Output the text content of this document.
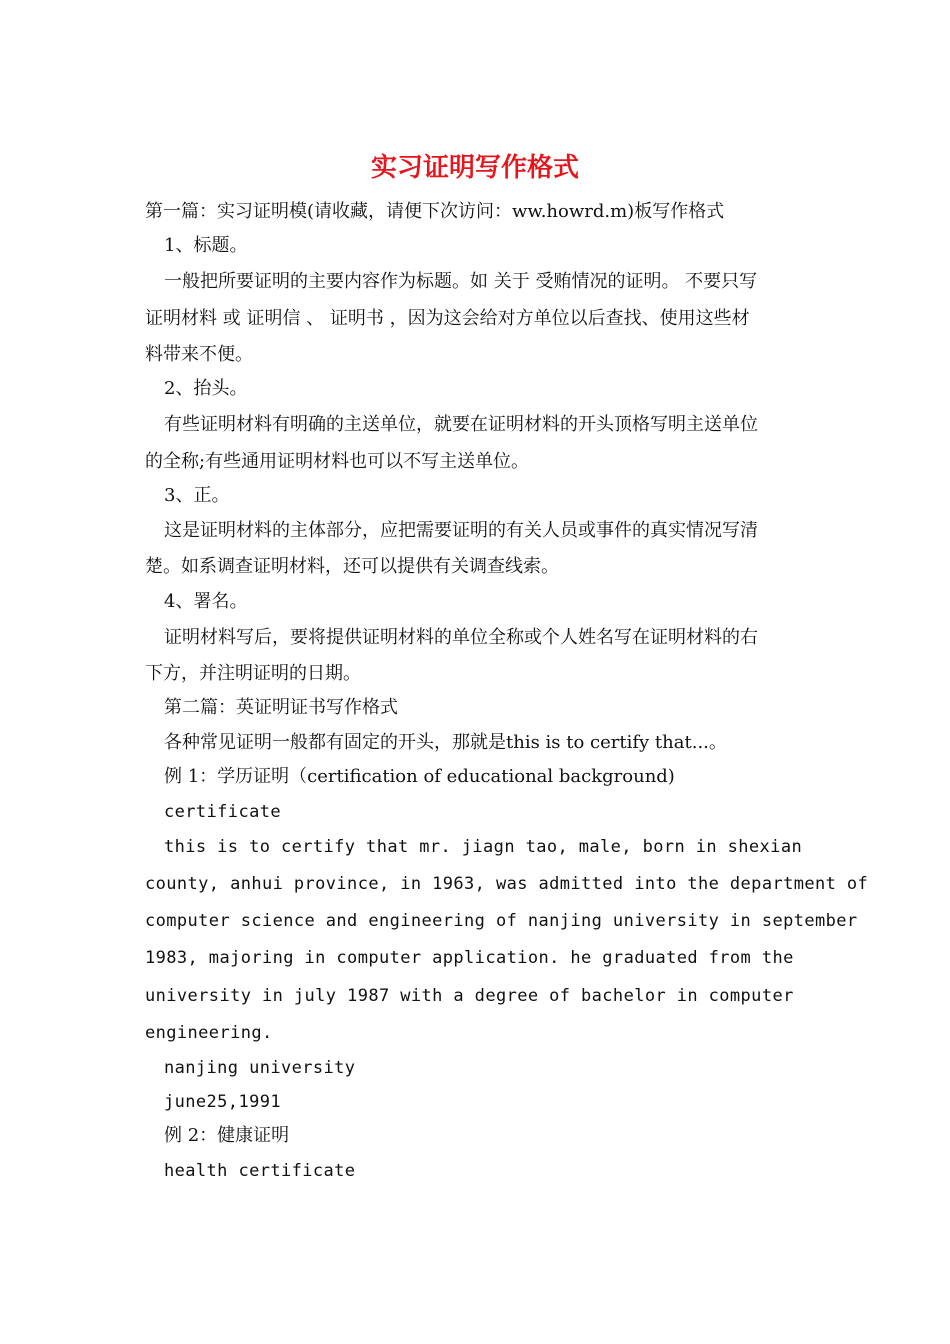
实习证明写作格式
第一篇：实习证明模(请收藏，请便下次访问：ww.howrd.m)板写作格式
1、标题。
一般把所要证明的主要内容作为标题。如 关于 受贿情况的证明。 不要只写
证明材料 或 证明信 、 证明书 ，因为这会给对方单位以后查找、使用这些材
料带来不便。
2、抬头。
有些证明材料有明确的主送单位，就要在证明材料的开头顶格写明主送单位
的全称;有些通用证明材料也可以不写主送单位。
3、正。
这是证明材料的主体部分，应把需要证明的有关人员或事件的真实情况写清
楚。如系调查证明材料，还可以提供有关调查线索。
4、署名。
证明材料写后，要将提供证明材料的单位全称或个人姓名写在证明材料的右
下方，并注明证明的日期。
第二篇：英证明证书写作格式
各种常见证明一般都有固定的开头，那就是this is to certify that...。
例 1：学历证明（certification of educational background)
certificate
this is to certify that mr. jiagn tao, male, born in shexian
county, anhui province, in 1963, was admitted into the department of
computer science and engineering of nanjing university in september
1983, majoring in computer application. he graduated from the
university in july 1987 with a degree of bachelor in computer
engineering.
nanjing university
june25,1991
例 2：健康证明
health certificate
